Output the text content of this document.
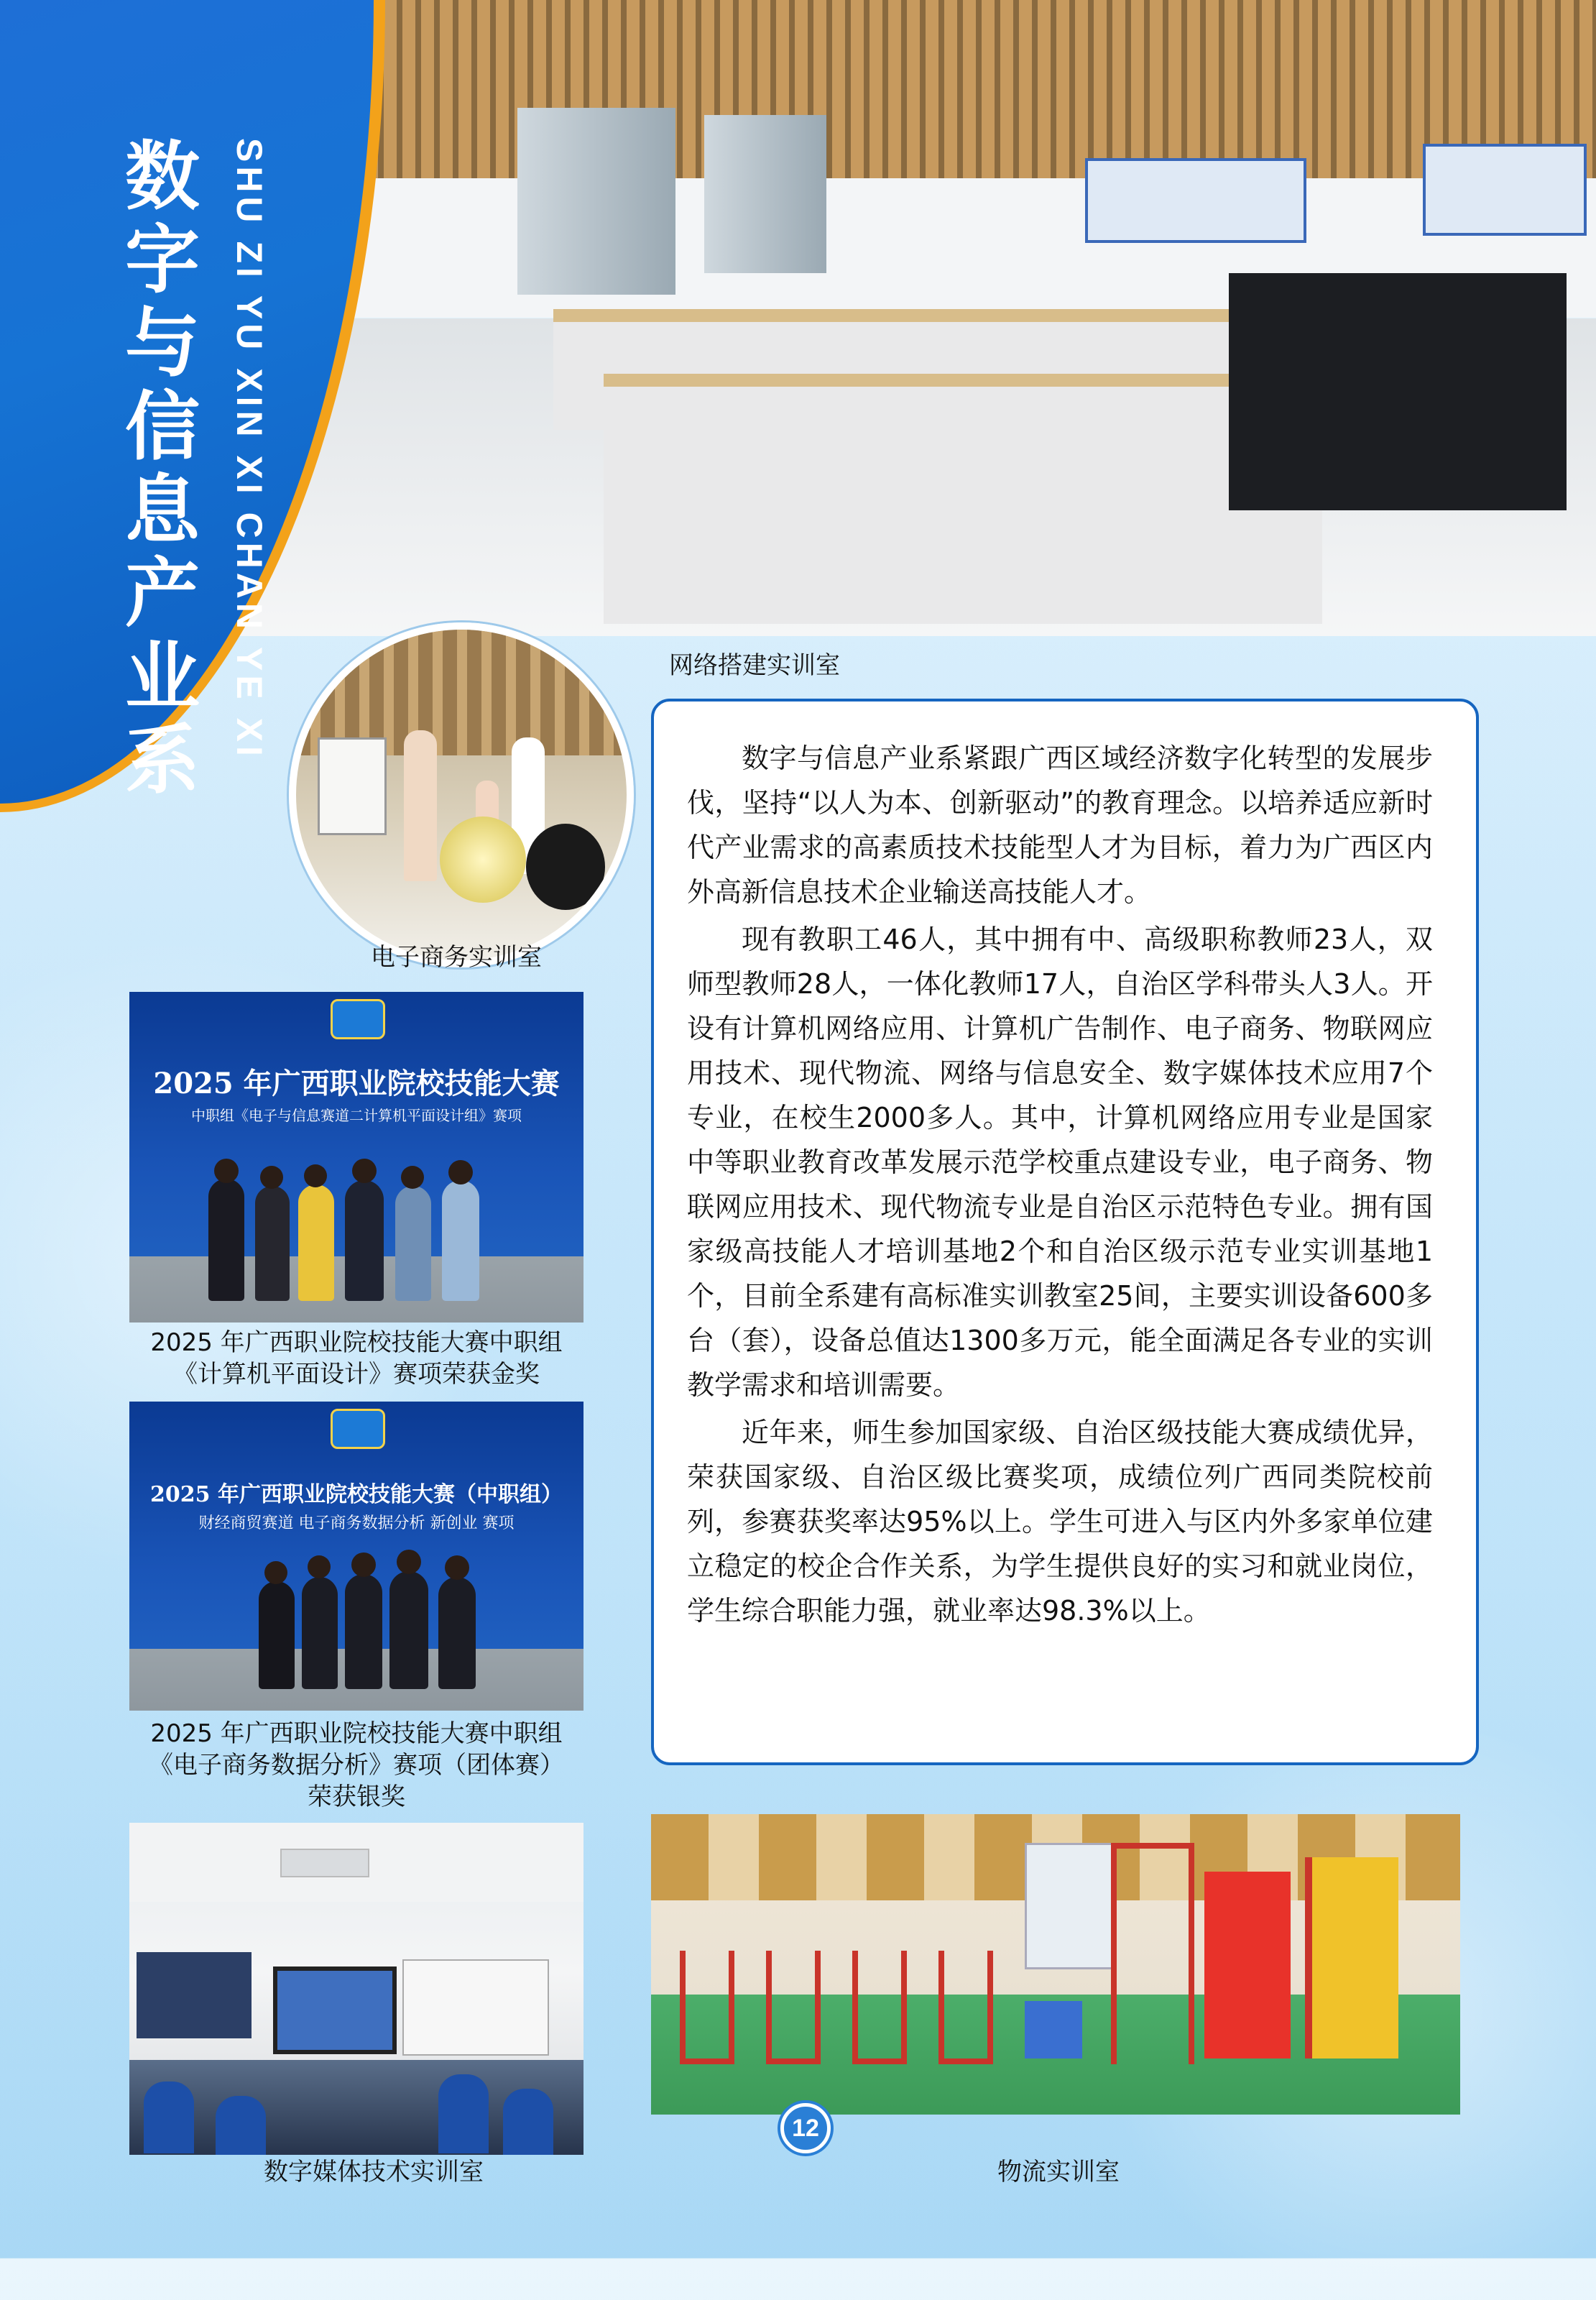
数字与信息产业系 SHU ZI YU XIN XI CHAN YE XI	网络搭建实训室
电子商务实训室

数字与信息产业系紧跟广西区域经济数字化转型的发展步伐，坚持“以人为本、创新驱动”的教育理念。以培养适应新时代产业需求的高素质技术技能型人才为目标，着力为广西区内外高新信息技术企业输送高技能人才。

现有教职工46人，其中拥有中、高级职称教师23人，双师型教师28人，一体化教师17人，自治区学科带头人3人。开设有计算机网络应用、计算机广告制作、电子商务、物联网应用技术、现代物流、网络与信息安全、数字媒体技术应用7个专业，在校生2000多人。其中，计算机网络应用专业是国家中等职业教育改革发展示范学校重点建设专业，电子商务、物联网应用技术、现代物流专业是自治区示范特色专业。拥有国家级高技能人才培训基地2个和自治区级示范专业实训基地1个，目前全系建有高标准实训教室25间，主要实训设备600多台（套），设备总值达1300多万元，能全面满足各专业的实训教学需求和培训需要。

近年来，师生参加国家级、自治区级技能大赛成绩优异，荣获国家级、自治区级比赛奖项，成绩位列广西同类院校前列，参赛获奖率达95%以上。学生可进入与区内外多家单位建立稳定的校企合作关系，为学生提供良好的实习和就业岗位，学生综合职能力强，就业率达98.3%以上。

2025 年广西职业院校技能大赛
中职组《电子与信息赛道二计算机平面设计组》赛项
2025 年广西职业院校技能大赛中职组
《计算机平面设计》赛项荣获金奖
2025 年广西职业院校技能大赛（中职组）
财经商贸赛道 电子商务数据分析 新创业 赛项
2025 年广西职业院校技能大赛中职组
《电子商务数据分析》赛项（团体赛）
荣获银奖
数字媒体技术实训室	物流实训室
12
